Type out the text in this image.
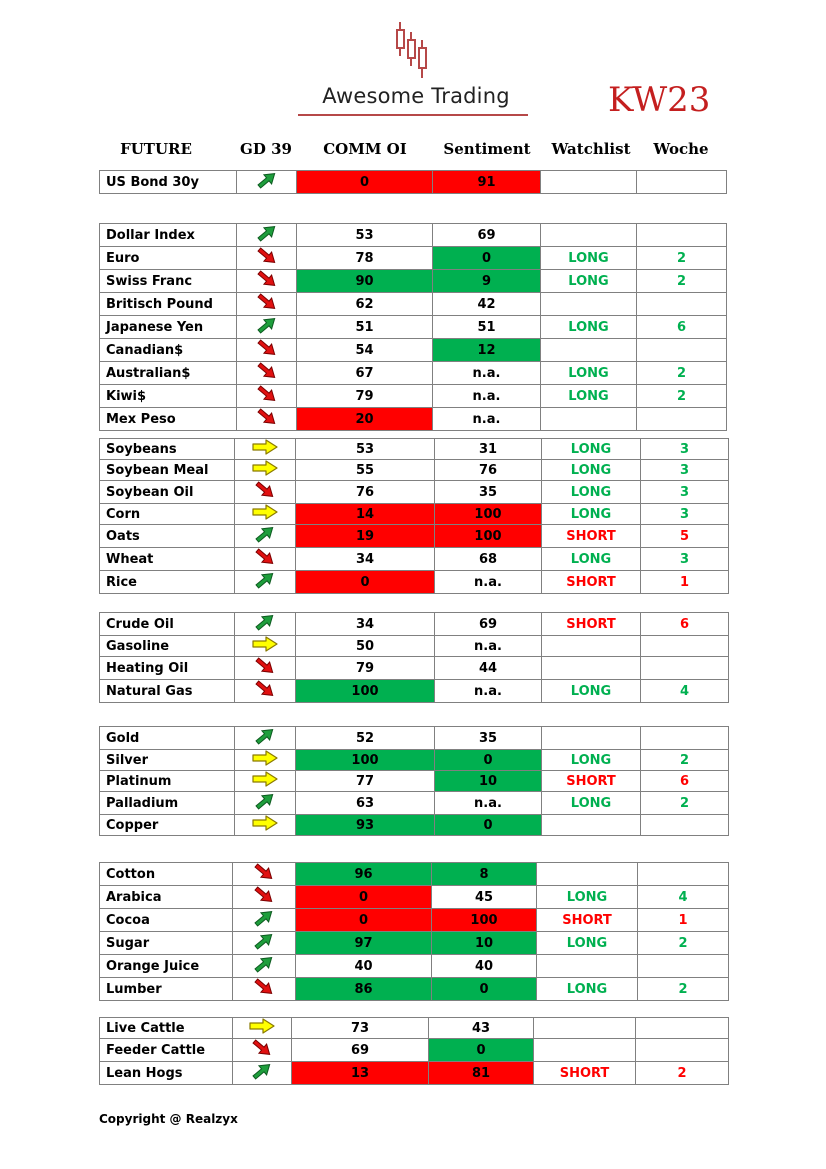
Awesome Trading	KW23
FUTURE	GD 39	COMM OI	Sentiment	Watchlist	Woche
US Bond 30y		0	91		
Dollar Index		53	69		
Euro		78	0	LONG	2
Swiss Franc		90	9	LONG	2
Britisch Pound		62	42		
Japanese Yen		51	51	LONG	6
Canadian$		54	12		
Australian$		67	n.a.	LONG	2
Kiwi$		79	n.a.	LONG	2
Mex Peso		20	n.a.		
Soybeans		53	31	LONG	3
Soybean Meal		55	76	LONG	3
Soybean Oil		76	35	LONG	3
Corn		14	100	LONG	3
Oats		19	100	SHORT	5
Wheat		34	68	LONG	3
Rice		0	n.a.	SHORT	1
Crude Oil		34	69	SHORT	6
Gasoline		50	n.a.		
Heating Oil		79	44		
Natural Gas		100	n.a.	LONG	4
Gold		52	35		
Silver		100	0	LONG	2
Platinum		77	10	SHORT	6
Palladium		63	n.a.	LONG	2
Copper		93	0		
Cotton		96	8		
Arabica		0	45	LONG	4
Cocoa		0	100	SHORT	1
Sugar		97	10	LONG	2
Orange Juice		40	40		
Lumber		86	0	LONG	2
Live Cattle		73	43		
Feeder Cattle		69	0		
Lean Hogs		13	81	SHORT	2
Copyright @ Realzyx
